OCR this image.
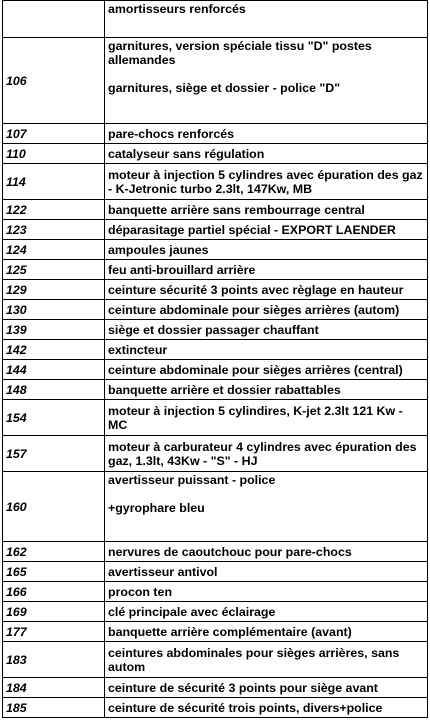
	amortisseurs renforcés

106	garnitures, version spéciale tissu "D" postes allemandes
garnitures, siège et dossier - police "D"

107	pare-chocs renforcés

110	catalyseur sans régulation

114	moteur à injection 5 cylindres avec épuration des gaz - K-Jetronic turbo 2.3lt, 147Kw, MB

122	banquette arrière sans rembourrage central

123	déparasitage partiel spécial - EXPORT LAENDER

124	ampoules jaunes

125	feu anti-brouillard arrière

129	ceinture sécurité 3 points avec règlage en hauteur

130	ceinture abdominale pour sièges arrières (autom)

139	siège et dossier passager chauffant

142	extincteur

144	ceinture abdominale pour sièges arrières (central)

148	banquette arrière et dossier rabattables

154	moteur à injection 5 cylindires, K-jet 2.3lt 121 Kw - MC

157	moteur à carburateur 4 cylindres avec épuration des gaz, 1.3lt, 43Kw - "S" - HJ

160	avertisseur puissant - police
+gyrophare bleu

162	nervures de caoutchouc pour pare-chocs

165	avertisseur antivol

166	procon ten

169	clé principale avec éclairage

177	banquette arrière complémentaire (avant)

183	ceintures abdominales pour sièges arrières, sans autom

184	ceinture de sécurité 3 points pour siège avant

185	ceinture de sécurité trois points, divers+police
